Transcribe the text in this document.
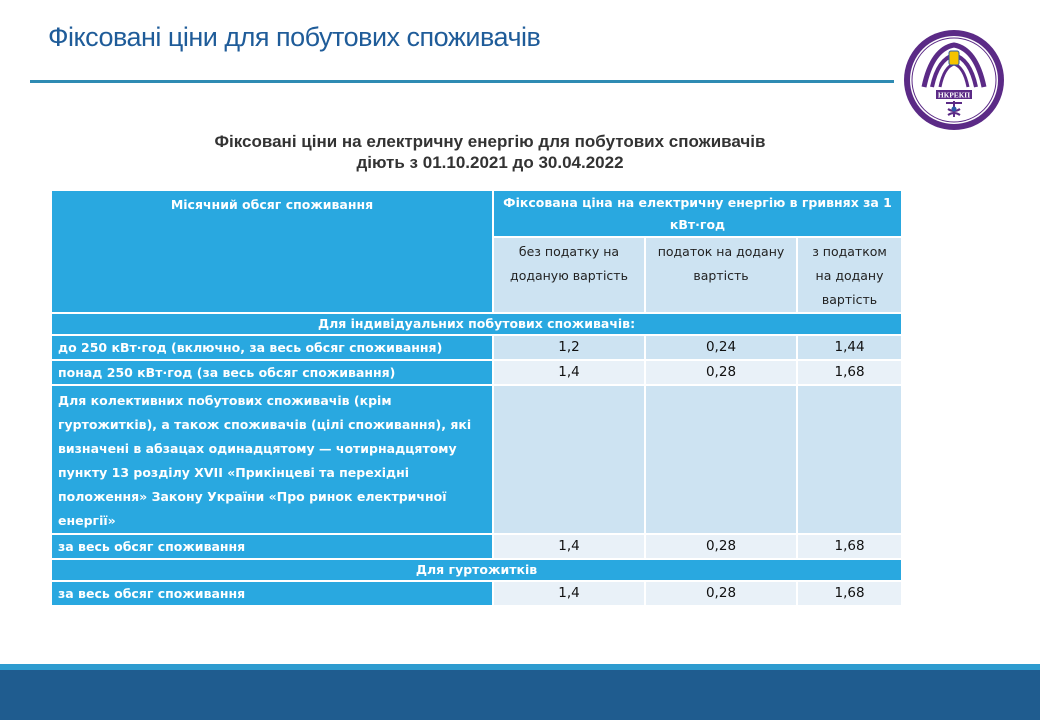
Фіксовані ціни для побутових споживачів
НКРЕКП
Фіксовані ціни на електричну енергію для побутових споживачів
діють з 01.10.2021 до 30.04.2022
Місячний обсяг споживання	Фіксована ціна на електричну енергію в гривнях за 1 кВт·год		
	без податку на доданую вартість	податок на додану вартість	з податком на додану вартість
Для індивідуальних побутових споживачів:			
до 250 кВт·год (включно, за весь обсяг споживання)	1,2	0,24	1,44
понад 250 кВт·год (за весь обсяг споживання)	1,4	0,28	1,68
Для колективних побутових споживачів (крім гуртожитків), а також споживачів (цілі споживання), які визначені в абзацах одинадцятому — чотирнадцятому пункту 13 розділу XVII «Прикінцеві та перехідні положення» Закону України «Про ринок електричної енергії»			
за весь обсяг споживання	1,4	0,28	1,68
Для гуртожитків			
за весь обсяг споживання	1,4	0,28	1,68
